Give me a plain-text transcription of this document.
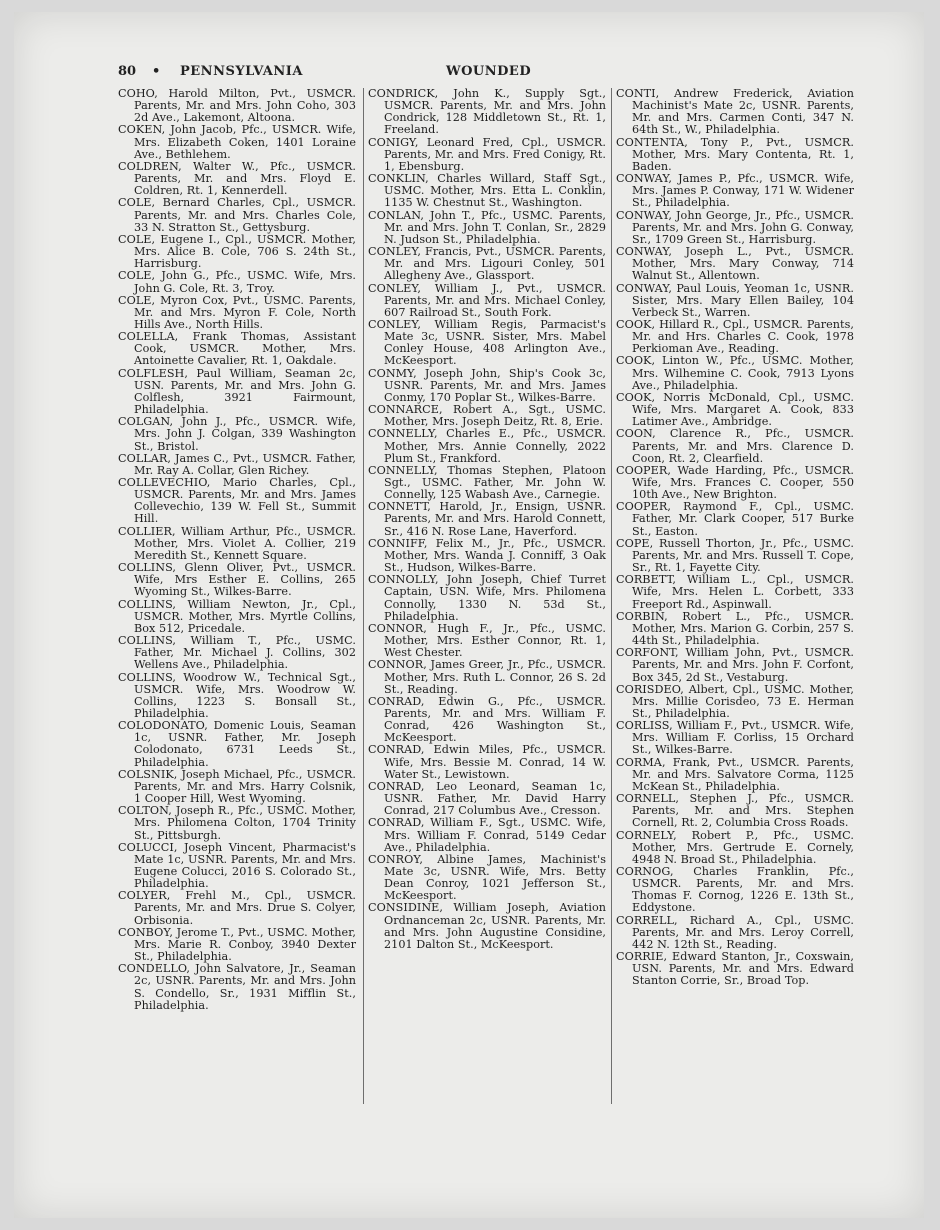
80 • PENNSYLVANIA	WOUNDED

COHO, Harold Milton, Pvt., USMCR. Parents, Mr. and Mrs. John Coho, 303 2d Ave., Lakemont, Altoona.

COKEN, John Jacob, Pfc., USMCR. Wife, Mrs. Elizabeth Coken, 1401 Loraine Ave., Bethlehem.

COLDREN, Walter W., Pfc., USMCR. Parents, Mr. and Mrs. Floyd E. Coldren, Rt. 1, Kennerdell.

COLE, Bernard Charles, Cpl., USMCR. Parents, Mr. and Mrs. Charles Cole, 33 N. Stratton St., Gettysburg.

COLE, Eugene I., Cpl., USMCR. Mother, Mrs. Alice B. Cole, 706 S. 24th St., Harrisburg.

COLE, John G., Pfc., USMC. Wife, Mrs. John G. Cole, Rt. 3, Troy.

COLE, Myron Cox, Pvt., USMC. Parents, Mr. and Mrs. Myron F. Cole, North Hills Ave., North Hills.

COLELLA, Frank Thomas, Assistant Cook, USMCR. Mother, Mrs. Antoinette Cavalier, Rt. 1, Oakdale.

COLFLESH, Paul William, Seaman 2c, USN. Parents, Mr. and Mrs. John G. Colflesh, 3921 Fairmount, Philadelphia.

COLGAN, John J., Pfc., USMCR. Wife, Mrs. John J. Colgan, 339 Washington St., Bristol.

COLLAR, James C., Pvt., USMCR. Father, Mr. Ray A. Collar, Glen Richey.

COLLEVECHIO, Mario Charles, Cpl., USMCR. Parents, Mr. and Mrs. James Collevechio, 139 W. Fell St., Summit Hill.

COLLIER, William Arthur, Pfc., USMCR. Mother, Mrs. Violet A. Collier, 219 Meredith St., Kennett Square.

COLLINS, Glenn Oliver, Pvt., USMCR. Wife, Mrs Esther E. Collins, 265 Wyoming St., Wilkes-Barre.

COLLINS, William Newton, Jr., Cpl., USMCR. Mother, Mrs. Myrtle Collins, Box 512, Pricedale.

COLLINS, William T., Pfc., USMC. Father, Mr. Michael J. Collins, 302 Wellens Ave., Philadelphia.

COLLINS, Woodrow W., Technical Sgt., USMCR. Wife, Mrs. Woodrow W. Collins, 1223 S. Bonsall St., Philadelphia.

COLODONATO, Domenic Louis, Seaman 1c, USNR. Father, Mr. Joseph Colodonato, 6731 Leeds St., Philadelphia.

COLSNIK, Joseph Michael, Pfc., USMCR. Parents, Mr. and Mrs. Harry Colsnik, 1 Cooper Hill, West Wyoming.

COLTON, Joseph R., Pfc., USMC. Mother, Mrs. Philomena Colton, 1704 Trinity St., Pittsburgh.

COLUCCI, Joseph Vincent, Pharmacist's Mate 1c, USNR. Parents, Mr. and Mrs. Eugene Colucci, 2016 S. Colorado St., Philadelphia.

COLYER, Frehl M., Cpl., USMCR. Parents, Mr. and Mrs. Drue S. Colyer, Orbisonia.

CONBOY, Jerome T., Pvt., USMC. Mother, Mrs. Marie R. Conboy, 3940 Dexter St., Philadelphia.

CONDELLO, John Salvatore, Jr., Seaman 2c, USNR. Parents, Mr. and Mrs. John S. Condello, Sr., 1931 Mifflin St., Philadelphia.

CONDRICK, John K., Supply Sgt., USMCR. Parents, Mr. and Mrs. John Condrick, 128 Middletown St., Rt. 1, Freeland.

CONIGY, Leonard Fred, Cpl., USMCR. Parents, Mr. and Mrs. Fred Conigy, Rt. 1, Ebensburg.

CONKLIN, Charles Willard, Staff Sgt., USMC. Mother, Mrs. Etta L. Conklin, 1135 W. Chestnut St., Washington.

CONLAN, John T., Pfc., USMC. Parents, Mr. and Mrs. John T. Conlan, Sr., 2829 N. Judson St., Philadelphia.

CONLEY, Francis, Pvt., USMCR. Parents, Mr. and Mrs. Ligouri Conley, 501 Allegheny Ave., Glassport.

CONLEY, William J., Pvt., USMCR. Parents, Mr. and Mrs. Michael Conley, 607 Railroad St., South Fork.

CONLEY, William Regis, Parmacist's Mate 3c, USNR. Sister, Mrs. Mabel Conley House, 408 Arlington Ave., McKeesport.

CONMY, Joseph John, Ship's Cook 3c, USNR. Parents, Mr. and Mrs. James Conmy, 170 Poplar St., Wilkes-Barre.

CONNARCE, Robert A., Sgt., USMC. Mother, Mrs. Joseph Deitz, Rt. 8, Erie.

CONNELLY, Charles E., Pfc., USMCR. Mother, Mrs. Annie Connelly, 2022 Plum St., Frankford.

CONNELLY, Thomas Stephen, Platoon Sgt., USMC. Father, Mr. John W. Connelly, 125 Wabash Ave., Carnegie.

CONNETT, Harold, Jr., Ensign, USNR. Parents, Mr. and Mrs. Harold Connett, Sr., 416 N. Rose Lane, Haverford.

CONNIFF, Felix M., Jr., Pfc., USMCR. Mother, Mrs. Wanda J. Conniff, 3 Oak St., Hudson, Wilkes-Barre.

CONNOLLY, John Joseph, Chief Turret Captain, USN. Wife, Mrs. Philomena Connolly, 1330 N. 53d St., Philadelphia.

CONNOR, Hugh F., Jr., Pfc., USMC. Mother, Mrs. Esther Connor, Rt. 1, West Chester.

CONNOR, James Greer, Jr., Pfc., USMCR. Mother, Mrs. Ruth L. Connor, 26 S. 2d St., Reading.

CONRAD, Edwin G., Pfc., USMCR. Parents, Mr. and Mrs. William F. Conrad, 426 Washington St., McKeesport.

CONRAD, Edwin Miles, Pfc., USMCR. Wife, Mrs. Bessie M. Conrad, 14 W. Water St., Lewistown.

CONRAD, Leo Leonard, Seaman 1c, USNR. Father, Mr. David Harry Conrad, 217 Columbus Ave., Cresson.

CONRAD, William F., Sgt., USMC. Wife, Mrs. William F. Conrad, 5149 Cedar Ave., Philadelphia.

CONROY, Albine James, Machinist's Mate 3c, USNR. Wife, Mrs. Betty Dean Conroy, 1021 Jefferson St., McKeesport.

CONSIDINE, William Joseph, Aviation Ordnanceman 2c, USNR. Parents, Mr. and Mrs. John Augustine Considine, 2101 Dalton St., McKeesport.

CONTI, Andrew Frederick, Aviation Machinist's Mate 2c, USNR. Parents, Mr. and Mrs. Carmen Conti, 347 N. 64th St., W., Philadelphia.

CONTENTA, Tony P., Pvt., USMCR. Mother, Mrs. Mary Contenta, Rt. 1, Baden.

CONWAY, James P., Pfc., USMCR. Wife, Mrs. James P. Conway, 171 W. Widener St., Philadelphia.

CONWAY, John George, Jr., Pfc., USMCR. Parents, Mr. and Mrs. John G. Conway, Sr., 1709 Green St., Harrisburg.

CONWAY, Joseph L., Pvt., USMCR. Mother, Mrs. Mary Conway, 714 Walnut St., Allentown.

CONWAY, Paul Louis, Yeoman 1c, USNR. Sister, Mrs. Mary Ellen Bailey, 104 Verbeck St., Warren.

COOK, Hillard R., Cpl., USMCR. Parents, Mr. and Hrs. Charles C. Cook, 1978 Perkioman Ave., Reading.

COOK, Linton W., Pfc., USMC. Mother, Mrs. Wilhemine C. Cook, 7913 Lyons Ave., Philadelphia.

COOK, Norris McDonald, Cpl., USMC. Wife, Mrs. Margaret A. Cook, 833 Latimer Ave., Ambridge.

COON, Clarence R., Pfc., USMCR. Parents, Mr. and Mrs. Clarence D. Coon, Rt. 2, Clearfield.

COOPER, Wade Harding, Pfc., USMCR. Wife, Mrs. Frances C. Cooper, 550 10th Ave., New Brighton.

COOPER, Raymond F., Cpl., USMC. Father, Mr. Clark Cooper, 517 Burke St., Easton.

COPE, Russell Thorton, Jr., Pfc., USMC. Parents, Mr. and Mrs. Russell T. Cope, Sr., Rt. 1, Fayette City.

CORBETT, William L., Cpl., USMCR. Wife, Mrs. Helen L. Corbett, 333 Freeport Rd., Aspinwall.

CORBIN, Robert L., Pfc., USMCR. Mother, Mrs. Marion G. Corbin, 257 S. 44th St., Philadelphia.

CORFONT, William John, Pvt., USMCR. Parents, Mr. and Mrs. John F. Corfont, Box 345, 2d St., Vestaburg.

CORISDEO, Albert, Cpl., USMC. Mother, Mrs. Millie Corisdeo, 73 E. Herman St., Philadelphia.

CORLISS, William F., Pvt., USMCR. Wife, Mrs. William F. Corliss, 15 Orchard St., Wilkes-Barre.

CORMA, Frank, Pvt., USMCR. Parents, Mr. and Mrs. Salvatore Corma, 1125 McKean St., Philadelphia.

CORNELL, Stephen J., Pfc., USMCR. Parents, Mr. and Mrs. Stephen Cornell, Rt. 2, Columbia Cross Roads.

CORNELY, Robert P., Pfc., USMC. Mother, Mrs. Gertrude E. Cornely, 4948 N. Broad St., Philadelphia.

CORNOG, Charles Franklin, Pfc., USMCR. Parents, Mr. and Mrs. Thomas F. Cornog, 1226 E. 13th St., Eddystone.

CORRELL, Richard A., Cpl., USMC. Parents, Mr. and Mrs. Leroy Correll, 442 N. 12th St., Reading.

CORRIE, Edward Stanton, Jr., Coxswain, USN. Parents, Mr. and Mrs. Edward Stanton Corrie, Sr., Broad Top.
